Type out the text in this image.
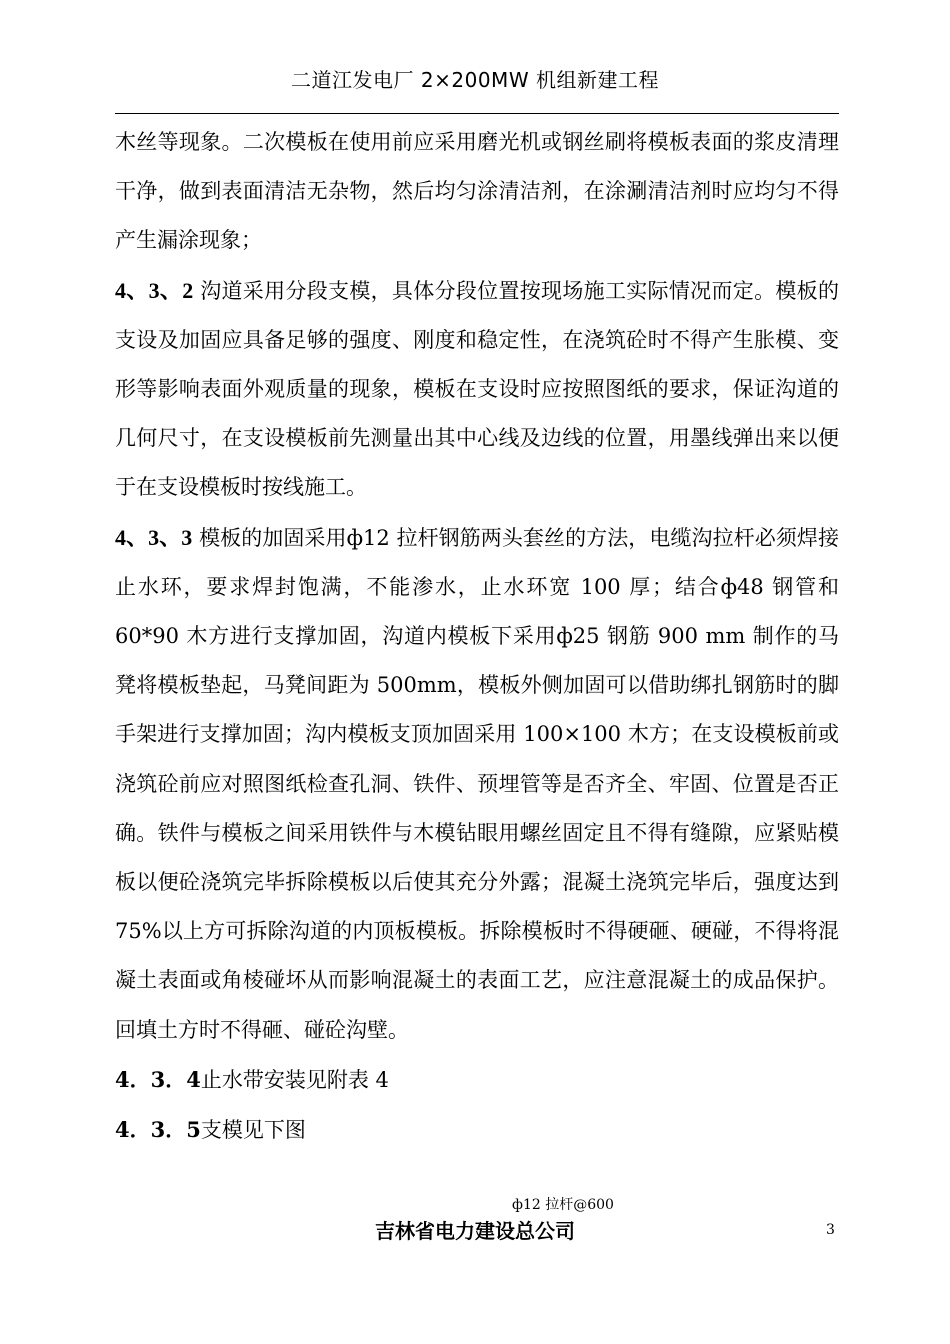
二道江发电厂 2×200MW 机组新建工程

木丝等现象。二次模板在使用前应采用磨光机或钢丝刷将模板表面的浆皮清理干净，做到表面清洁无杂物，然后均匀涂清洁剂，在涂涮清洁剂时应均匀不得产生漏涂现象；

4、3、2 沟道采用分段支模，具体分段位置按现场施工实际情况而定。模板的支设及加固应具备足够的强度、刚度和稳定性，在浇筑砼时不得产生胀模、变形等影响表面外观质量的现象，模板在支设时应按照图纸的要求，保证沟道的几何尺寸，在支设模板前先测量出其中心线及边线的位置，用墨线弹出来以便于在支设模板时按线施工。

4、3、3 模板的加固采用ф12 拉杆钢筋两头套丝的方法，电缆沟拉杆必须焊接止水环，要求焊封饱满，不能渗水，止水环宽 100 厚；结合ф48 钢管和 60*90 木方进行支撑加固，沟道内模板下采用ф25 钢筋 900 mm 制作的马凳将模板垫起，马凳间距为 500mm，模板外侧加固可以借助绑扎钢筋时的脚手架进行支撑加固；沟内模板支顶加固采用 100×100 木方；在支设模板前或浇筑砼前应对照图纸检查孔洞、铁件、预埋管等是否齐全、牢固、位置是否正确。铁件与模板之间采用铁件与木模钻眼用螺丝固定且不得有缝隙，应紧贴模板以便砼浇筑完毕拆除模板以后使其充分外露；混凝土浇筑完毕后，强度达到 75%以上方可拆除沟道的内顶板模板。拆除模板时不得硬砸、硬碰，不得将混凝土表面或角棱碰坏从而影响混凝土的表面工艺，应注意混凝土的成品保护。回填土方时不得砸、碰砼沟壁。

4．3．4止水带安装见附表 4

4．3．5支模见下图

ф12 拉杆@600
吉林省电力建设总公司	3
